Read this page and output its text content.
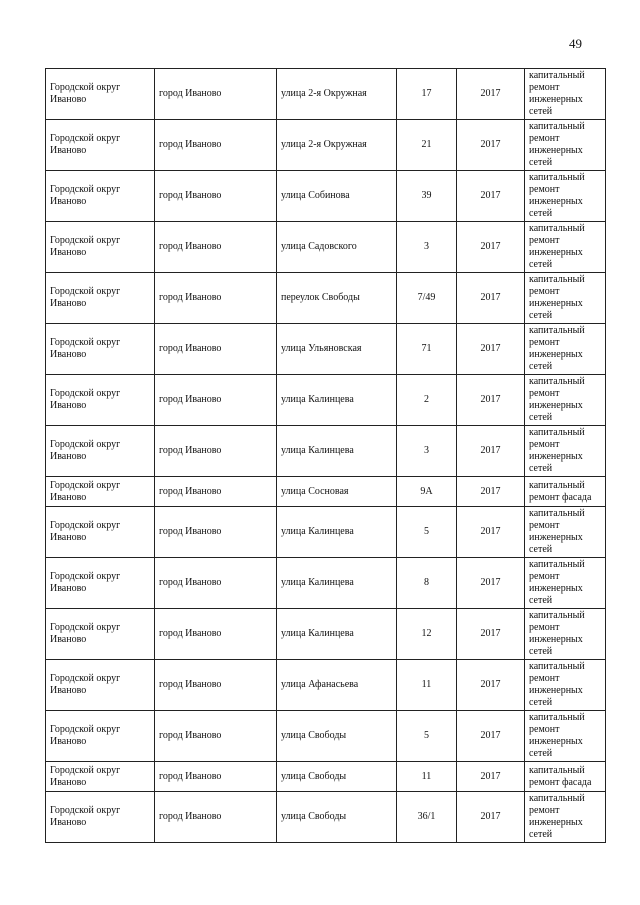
49
Городской округ Иваново	город Иваново	улица 2-я Окружная	17	2017	капитальный ремонт инженерных сетей
Городской округ Иваново	город Иваново	улица 2-я Окружная	21	2017	капитальный ремонт инженерных сетей
Городской округ Иваново	город Иваново	улица Собинова	39	2017	капитальный ремонт инженерных сетей
Городской округ Иваново	город Иваново	улица Садовского	3	2017	капитальный ремонт инженерных сетей
Городской округ Иваново	город Иваново	переулок Свободы	7/49	2017	капитальный ремонт инженерных сетей
Городской округ Иваново	город Иваново	улица Ульяновская	71	2017	капитальный ремонт инженерных сетей
Городской округ Иваново	город Иваново	улица Калинцева	2	2017	капитальный ремонт инженерных сетей
Городской округ Иваново	город Иваново	улица Калинцева	3	2017	капитальный ремонт инженерных сетей
Городской округ Иваново	город Иваново	улица Сосновая	9А	2017	капитальный ремонт фасада
Городской округ Иваново	город Иваново	улица Калинцева	5	2017	капитальный ремонт инженерных сетей
Городской округ Иваново	город Иваново	улица Калинцева	8	2017	капитальный ремонт инженерных сетей
Городской округ Иваново	город Иваново	улица Калинцева	12	2017	капитальный ремонт инженерных сетей
Городской округ Иваново	город Иваново	улица Афанасьева	11	2017	капитальный ремонт инженерных сетей
Городской округ Иваново	город Иваново	улица Свободы	5	2017	капитальный ремонт инженерных сетей
Городской округ Иваново	город Иваново	улица Свободы	11	2017	капитальный ремонт фасада
Городской округ Иваново	город Иваново	улица Свободы	36/1	2017	капитальный ремонт инженерных сетей
